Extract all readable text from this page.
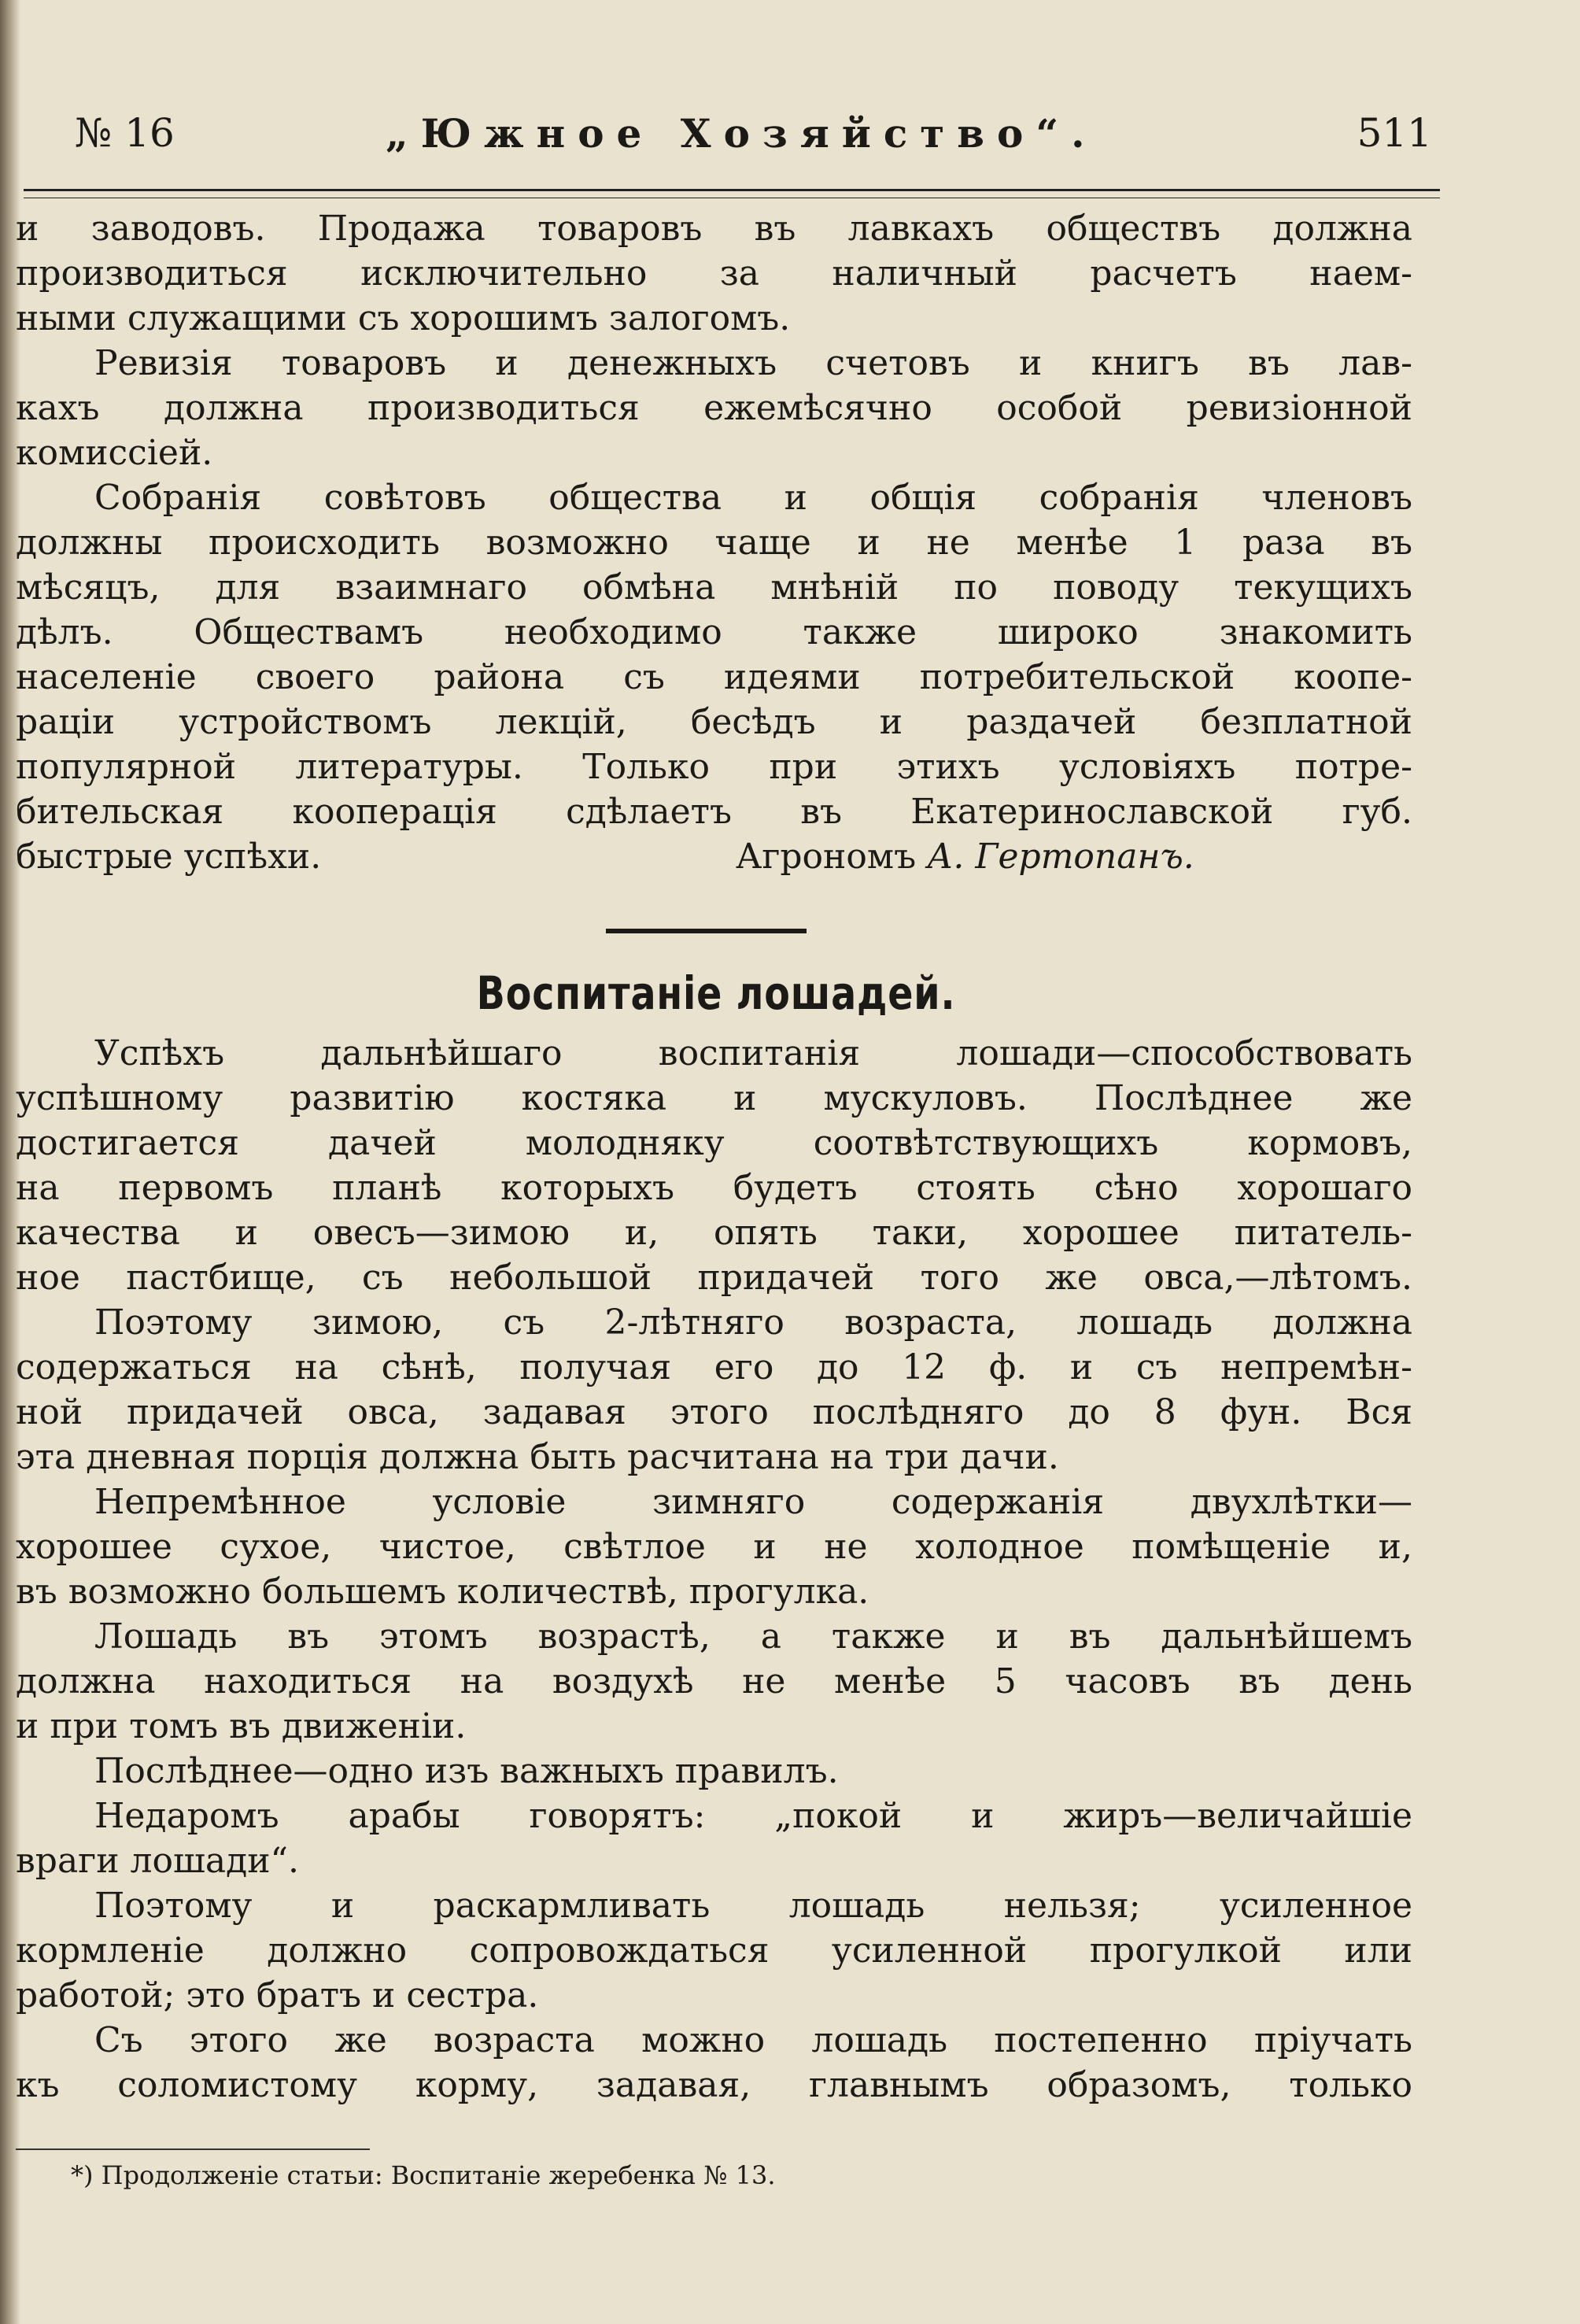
№ 16	„Южное Хозяйство“.	511
и заводовъ. Продажа товаровъ въ лавкахъ обществъ должна
производиться исключительно за наличный расчетъ наем-
ными служащими съ хорошимъ залогомъ.
Ревизія товаровъ и денежныхъ счетовъ и книгъ въ лав-
кахъ должна производиться ежемѣсячно особой ревизіонной
комиссіей.
Собранія совѣтовъ общества и общія собранія членовъ
должны происходить возможно чаще и не менѣе 1 раза въ
мѣсяцъ, для взаимнаго обмѣна мнѣній по поводу текущихъ
дѣлъ. Обществамъ необходимо также широко знакомить
населеніе своего района съ идеями потребительской коопе-
раціи устройствомъ лекцій, бесѣдъ и раздачей безплатной
популярной литературы. Только при этихъ условіяхъ потре-
бительская кооперація сдѣлаетъ въ Екатеринославской губ.
быстрые успѣхи.	Агрономъ А. Гертопанъ.
Воспитаніе лошадей.
Успѣхъ дальнѣйшаго воспитанія лошади—способствовать
успѣшному развитію костяка и мускуловъ. Послѣднее же
достигается дачей молодняку соотвѣтствующихъ кормовъ,
на первомъ планѣ которыхъ будетъ стоять сѣно хорошаго
качества и овесъ—зимою и, опять таки, хорошее питатель-
ное пастбище, съ небольшой придачей того же овса,—лѣтомъ.
Поэтому зимою, съ 2-лѣтняго возраста, лошадь должна
содержаться на сѣнѣ, получая его до 12 ф. и съ непремѣн-
ной придачей овса, задавая этого послѣдняго до 8 фун. Вся
эта дневная порція должна быть расчитана на три дачи.
Непремѣнное условіе зимняго содержанія двухлѣтки—
хорошее сухое, чистое, свѣтлое и не холодное помѣщеніе и,
въ возможно большемъ количествѣ, прогулка.
Лошадь въ этомъ возрастѣ, а также и въ дальнѣйшемъ
должна находиться на воздухѣ не менѣе 5 часовъ въ день
и при томъ въ движеніи.
Послѣднее—одно изъ важныхъ правилъ.
Недаромъ арабы говорятъ: „покой и жиръ—величайшіе
враги лошади“.
Поэтому и раскармливать лошадь нельзя; усиленное
кормленіе должно сопровождаться усиленной прогулкой или
работой; это братъ и сестра.
Съ этого же возраста можно лошадь постепенно пріучать
къ соломистому корму, задавая, главнымъ образомъ, только
*) Продолженіе статьи: Воспитаніе жеребенка № 13.
